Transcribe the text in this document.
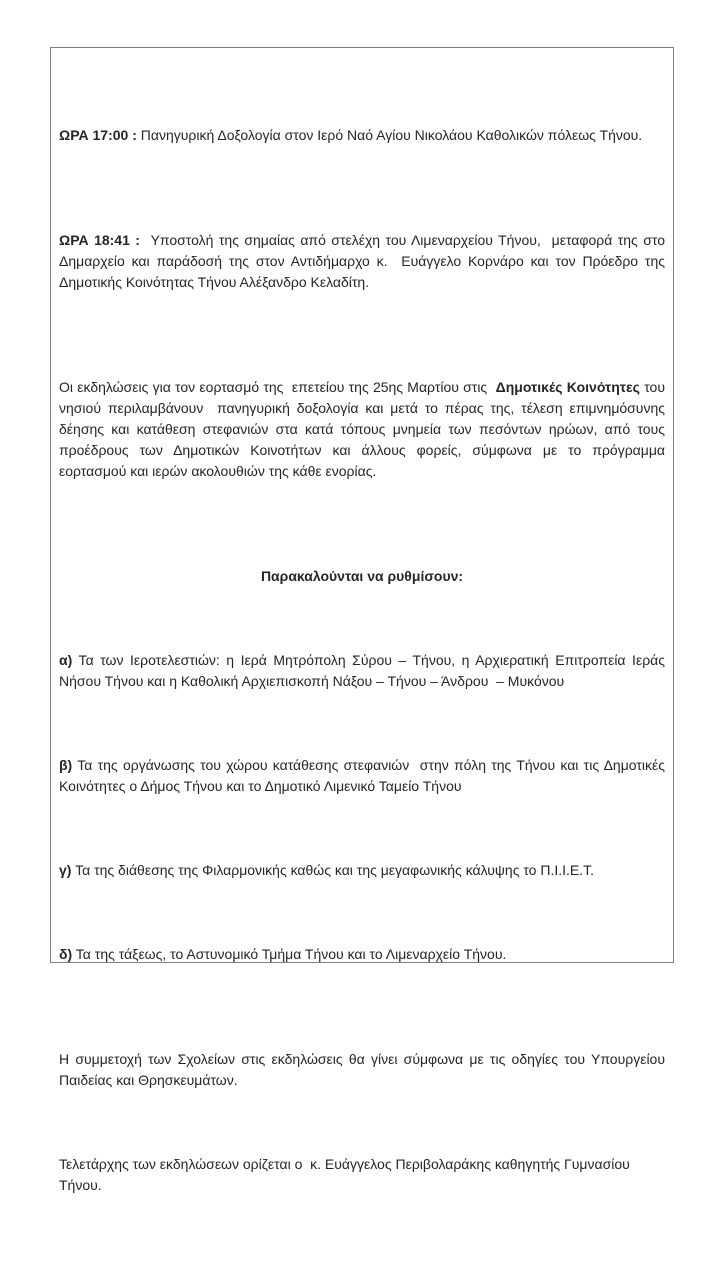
ΩΡΑ 17:00 : Πανηγυρική Δοξολογία στον Ιερό Ναό Αγίου Νικολάου Καθολικών πόλεως Τήνου.

ΩΡΑ 18:41 :  Υποστολή της σημαίας από στελέχη του Λιμεναρχείου Τήνου,  μεταφορά της στο Δημαρχείο και παράδοσή της στον Αντιδήμαρχο κ.  Ευάγγελο Κορνάρο και τον Πρόεδρο της Δημοτικής Κοινότητας Τήνου Αλέξανδρο Κελαδίτη.

Οι εκδηλώσεις για τον εορτασμό της  επετείου της 25ης Μαρτίου στις  Δημοτικές Κοινότητες του νησιού περιλαμβάνουν  πανηγυρική δοξολογία και μετά το πέρας της, τέλεση επιμνημόσυνης δέησης και κατάθεση στεφανιών στα κατά τόπους μνημεία των πεσόντων ηρώων, από τους προέδρους των Δημοτικών Κοινοτήτων και άλλους φορείς, σύμφωνα με το πρόγραμμα εορτασμού και ιερών ακολουθιών της κάθε ενορίας.

Παρακαλούνται να ρυθμίσουν:

α) Τα των Ιεροτελεστιών: η Ιερά Μητρόπολη Σύρου – Τήνου, η Αρχιερατική Επιτροπεία Ιεράς Νήσου Τήνου και η Καθολική Αρχιεπισκοπή Νάξου – Τήνου – Άνδρου  – Μυκόνου

β) Τα της οργάνωσης του χώρου κατάθεσης στεφανιών  στην πόλη της Τήνου και τις Δημοτικές Κοινότητες ο Δήμος Τήνου και το Δημοτικό Λιμενικό Ταμείο Τήνου

γ) Τα της διάθεσης της Φιλαρμονικής καθώς και της μεγαφωνικής κάλυψης το Π.Ι.Ι.Ε.Τ.

δ) Τα της τάξεως, το Αστυνομικό Τμήμα Τήνου και το Λιμεναρχείο Τήνου.

Η συμμετοχή των Σχολείων στις εκδηλώσεις θα γίνει σύμφωνα με τις οδηγίες του Υπουργείου Παιδείας και Θρησκευμάτων.

Τελετάρχης των εκδηλώσεων ορίζεται ο  κ. Ευάγγελος Περιβολαράκης καθηγητής Γυμνασίου Τήνου.
